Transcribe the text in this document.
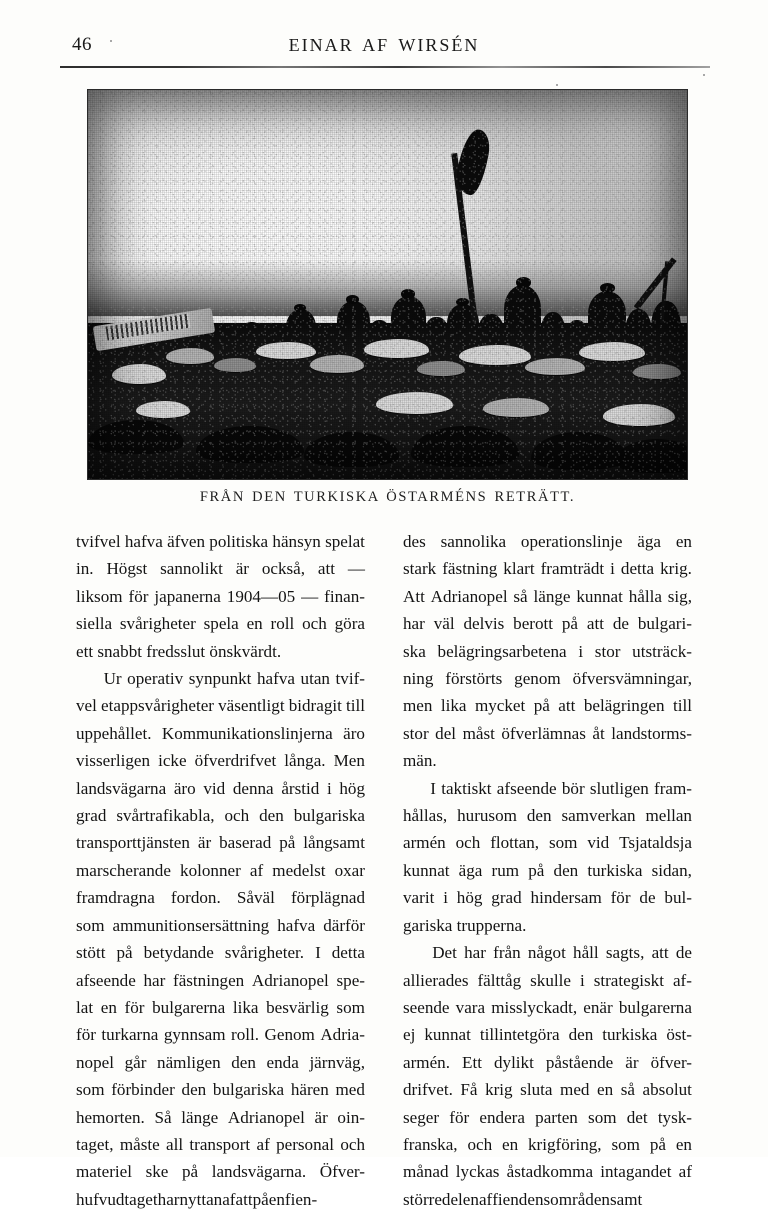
46	EINAR AF WIRSÉN
FRÅN DEN TURKISKA ÖSTARMÉNS RETRÄTT.

tvifvel hafva äfven politiska hänsyn spelat
in. Högst sannolikt är också, att —
liksom för japanerna 1904—05 — finan-
siella svårigheter spela en roll och göra
ett snabbt fredsslut önskvärdt.

Ur operativ synpunkt hafva utan tvif-
vel etappsvårigheter väsentligt bidragit till
uppehållet. Kommunikationslinjerna äro
visserligen icke öfverdrifvet långa. Men
landsvägarna äro vid denna årstid i hög
grad svårtrafikabla, och den bulgariska
transporttjänsten är baserad på långsamt
marscherande kolonner af medelst oxar
framdragna fordon. Såväl förplägnad
som ammunitionsersättning hafva därför
stött på betydande svårigheter. I detta
afseende har fästningen Adrianopel spe-
lat en för bulgarerna lika besvärlig som
för turkarna gynnsam roll. Genom Adria-
nopel går nämligen den enda järnväg,
som förbinder den bulgariska hären med
hemorten. Så länge Adrianopel är oin-
taget, måste all transport af personal och
materiel ske på landsvägarna. Öfver-
hufvudtaget har nyttan af att på en fien-

des sannolika operationslinje äga en
stark fästning klart framträdt i detta krig.
Att Adrianopel så länge kunnat hålla sig,
har väl delvis berott på att de bulgari-
ska belägringsarbetena i stor utsträck-
ning förstörts genom öfversvämningar,
men lika mycket på att belägringen till
stor del måst öfverlämnas åt landstorms-
män.

I taktiskt afseende bör slutligen fram-
hållas, hurusom den samverkan mellan
armén och flottan, som vid Tsjataldsja
kunnat äga rum på den turkiska sidan,
varit i hög grad hindersam för de bul-
gariska trupperna.

Det har från något håll sagts, att de
allierades fälttåg skulle i strategiskt af-
seende vara misslyckadt, enär bulgarerna
ej kunnat tillintetgöra den turkiska öst-
armén. Ett dylikt påstående är öfver-
drifvet. Få krig sluta med en så absolut
seger för endera parten som det tysk-
franska, och en krigföring, som på en
månad lyckas åstadkomma intagandet af
större delen af fiendens områden samt
